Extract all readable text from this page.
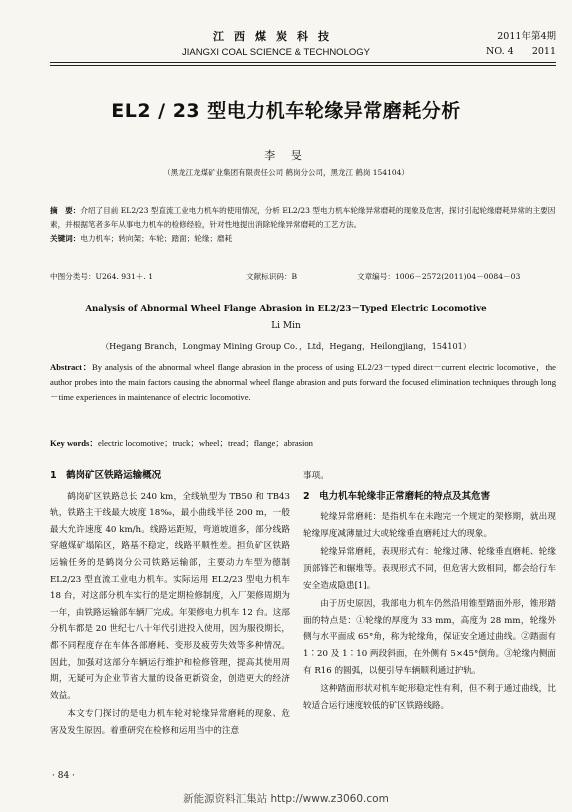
江西煤炭科技
JIANGXI COAL SCIENCE & TECHNOLOGY
2011年第4期
NO. 4 2011
EL2 / 23 型电力机车轮缘异常磨耗分析
李 旻
（黑龙江龙煤矿业集团有限责任公司 鹤岗分公司，黑龙江 鹤岗 154104）
摘　要：介绍了目前 EL2/23 型直流工业电力机车的使用情况，分析 EL2/23 型电力机车轮缘异常磨耗的现象及危害，探讨引起轮缘磨耗异常的主要因素，并根据笔者多年从事电力机车的检修经验，针对性地提出消除轮缘异常磨耗的工艺方法。
关键词：电力机车；转向架；车轮；踏面；轮缘；磨耗
中图分类号：U264. 931＋. 1	文献标识码：B	文章编号：1006－2572(2011)04－0084－03
Analysis of Abnormal Wheel Flange Abrasion in EL2/23－Typed Electric Locomotive
Li Min
（Hegang Branch，Longmay Mining Group Co．，Ltd，Hegang，Heilongjiang，154101）
Abstract：By analysis of the abnormal wheel flange abrasion in the process of using EL2/23－typed direct－current electric locomotive，the author probes into the main factors causing the abnormal wheel flange abrasion and puts forward the focused elimination techniques through long－time experiences in maintenance of electric locomotive.
Key words：electric locomotive；truck；wheel；tread；flange；abrasion
1　鹤岗矿区铁路运输概况
鹤岗矿区铁路总长 240 km，全线轨型为 TB50 和 TB43 轨，铁路主干线最大坡度 18‰，最小曲线半径 200 m，一般最大允许速度 40 km/h。线路运距短，弯道坡道多，部分线路穿越煤矿塌陷区，路基不稳定，线路平顺性差。担负矿区铁路运输任务的是鹤岗分公司铁路运输部，主要动力车型为德制 EL2/23 型直流工业电力机车。实际运用 EL2/23 型电力机车 18 台，对这部分机车实行的是定期检修制度，入厂架修周期为一年，由铁路运输部车辆厂完成。年架修电力机车 12 台。这部分机车都是 20 世纪七八十年代引进投入使用，因为服役期长，都不同程度存在车体各部磨耗、变形及疲劳失效等多种情况。因此，加强对这部分车辆运行维护和检修管理，提高其使用周期，无疑可为企业节省大量的设备更新资金，创造更大的经济效益。
本文专门探讨的是电力机车轮对轮缘异常磨耗的现象、危害及发生原因。着重研究在检修和运用当中的注意
事项。
2　电力机车轮缘非正常磨耗的特点及其危害
轮缘异常磨耗：是指机车在未跑完一个规定的架修期，就出现轮缘厚度减薄量过大或轮缘垂直磨耗过大的现象。
轮缘异常磨耗，表现形式有：轮缘过薄、轮缘垂直磨耗、轮缘顶部锋芒和辗堆等。表现形式不同，但危害大致相同，都会给行车安全造成隐患[1]。
由于历史原因，我部电力机车仍然沿用锥型踏面外形，锥形踏面的特点是：①轮缘的厚度为 33 mm，高度为 28 mm，轮缘外侧与水平面成 65°角，称为轮缘角，保证安全通过曲线。②踏面有 1∶20 及 1∶10 两段斜面，在外侧有 5×45°倒角。③轮缘内侧面有 R16 的圆弧，以便引导车辆顺利通过护轨。
这种踏面形状对机车蛇形稳定性有利，但不利于通过曲线，比较适合运行速度较低的矿区铁路线路。
· 84 ·
新能源资料汇集站 http://www.z3060.com
